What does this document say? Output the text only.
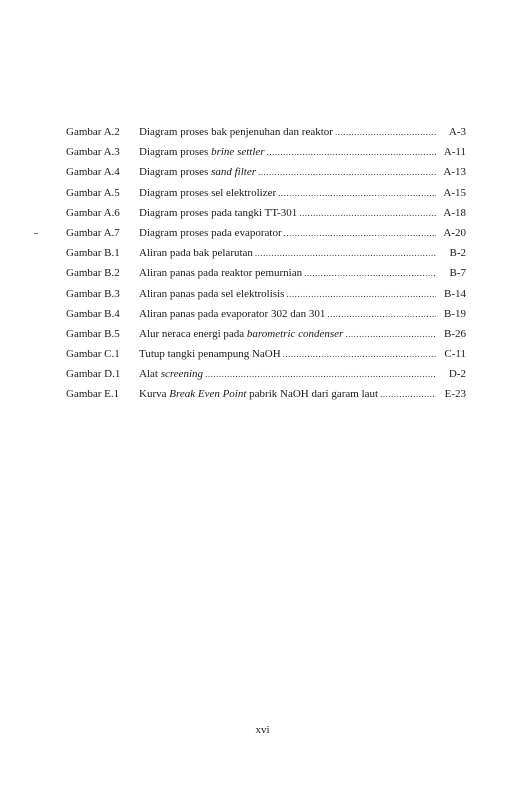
Gambar A.2	Diagram proses bak penjenuhan dan reaktor .....	A-3
Gambar A.3	Diagram proses brine settler .....	A-11
Gambar A.4	Diagram proses sand filter .....	A-13
Gambar A.5	Diagram proses sel elektrolizer .....	A-15
Gambar A.6	Diagram proses pada tangki TT-301 .....	A-18
Gambar A.7	Diagram proses pada evaporator .....	A-20
Gambar B.1	Aliran pada bak pelarutan .....	B-2
Gambar B.2	Aliran panas pada reaktor pemurnian .....	B-7
Gambar B.3	Aliran panas pada sel elektrolisis .....	B-14
Gambar B.4	Aliran panas pada evaporator 302 dan 301 .....	B-19
Gambar B.5	Alur neraca energi pada barometric condenser .....	B-26
Gambar C.1	Tutup tangki penampung NaOH .....	C-11
Gambar D.1	Alat screening .....	D-2
Gambar E.1	Kurva Break Even Point pabrik NaOH dari garam laut .....	E-23
xvi
